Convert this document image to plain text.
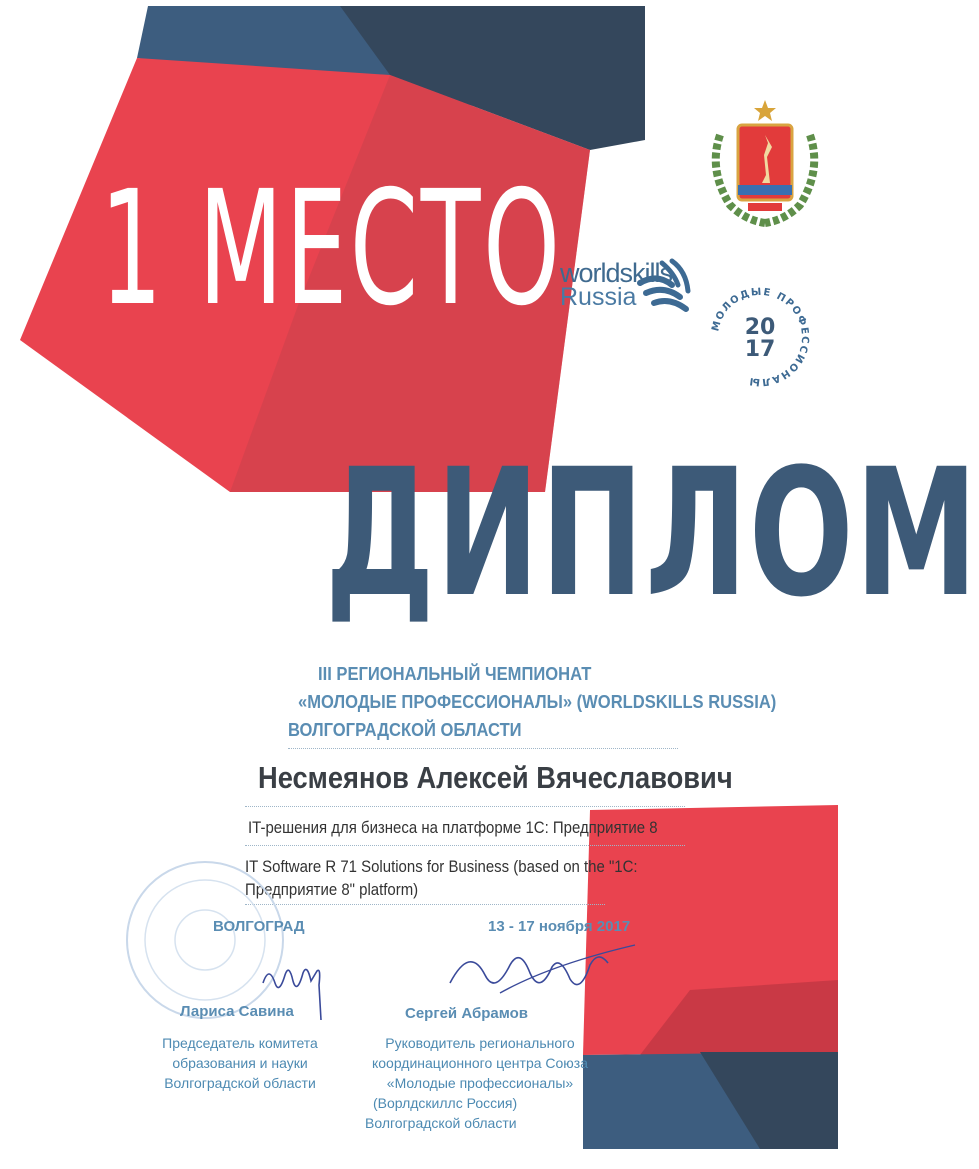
1 МЕСТО
worldskills
Russia
МОЛОДЫЕ ПРОФЕССИОНАЛЫ
20
17
ДИПЛОМ
III РЕГИОНАЛЬНЫЙ ЧЕМПИОНАТ
«МОЛОДЫЕ ПРОФЕССИОНАЛЫ» (WORLDSKILLS RUSSIA)
ВОЛГОГРАДСКОЙ ОБЛАСТИ
Несмеянов Алексей Вячеславович
IT-решения для бизнеса на платформе 1С: Предприятие 8
IT Software R 71 Solutions for Business (based on the "1С:
Предприятие 8" platform)
ВОЛГОГРАД	13 - 17 ноября 2017
Лариса Савина	Сергей Абрамов
Председатель комитета
образования и науки
Волгоградской области
Руководитель регионального
координационного центра Союза
«Молодые профессионалы»
(Ворлдскиллс Россия)
Волгоградской области
